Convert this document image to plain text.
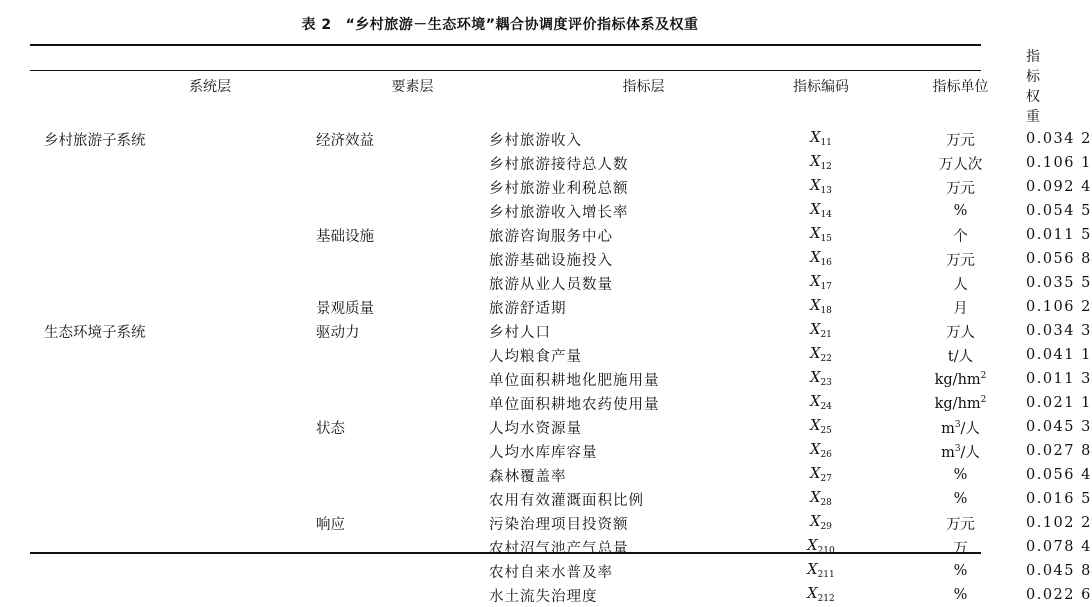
表 2 “乡村旅游－生态环境”耦合协调度评价指标体系及权重
系统层	要素层	指标层	指标编码	指标单位	指标权重
乡村旅游子系统	经济效益	乡村旅游收入	$X_{11}$	万元	0.034 2
		乡村旅游接待总人数	$X_{12}$	万人次	0.106 1
		乡村旅游业利税总额	$X_{13}$	万元	0.092 4
		乡村旅游收入增长率	$X_{14}$	%	0.054 5
	基础设施	旅游咨询服务中心	$X_{15}$	个	0.011 5
		旅游基础设施投入	$X_{16}$	万元	0.056 8
		旅游从业人员数量	$X_{17}$	人	0.035 5
	景观质量	旅游舒适期	$X_{18}$	月	0.106 2
生态环境子系统	驱动力	乡村人口	$X_{21}$	万人	0.034 3
		人均粮食产量	$X_{22}$	t/人	0.041 1
		单位面积耕地化肥施用量	$X_{23}$	$kg/hm^2$	0.011 3
		单位面积耕地农药使用量	$X_{24}$	$kg/hm^2$	0.021 1
	状态	人均水资源量	$X_{25}$	$m^3/$人	0.045 3
		人均水库库容量	$X_{26}$	$m^3/$人	0.027 8
		森林覆盖率	$X_{27}$	%	0.056 4
		农用有效灌溉面积比例	$X_{28}$	%	0.016 5
	响应	污染治理项目投资额	$X_{29}$	万元	0.102 2
		农村沼气池产气总量	$X_{210}$	万	0.078 4
		农村自来水普及率	$X_{211}$	%	0.045 8
		水土流失治理度	$X_{212}$	%	0.022 6
